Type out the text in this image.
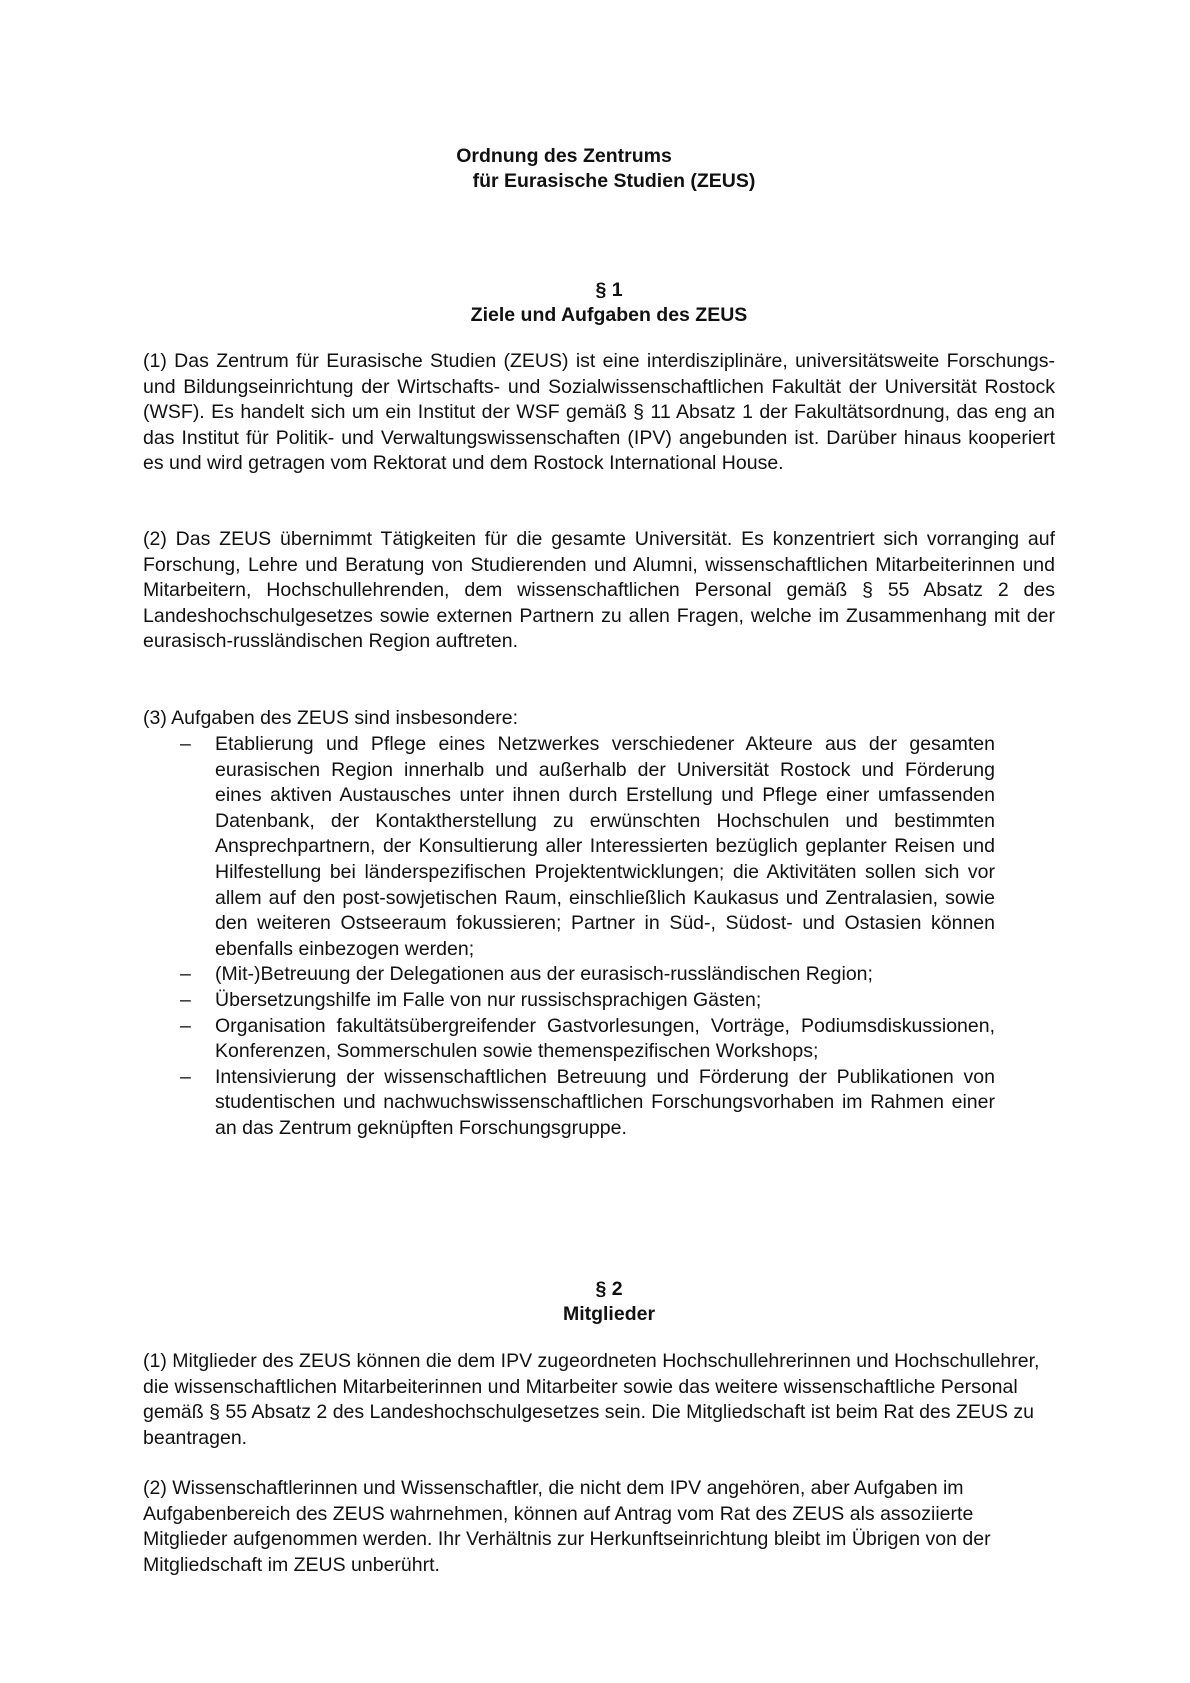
Ordnung des Zentrums
für Eurasische Studien (ZEUS)
§ 1
Ziele und Aufgaben des ZEUS

(1) Das Zentrum für Eurasische Studien (ZEUS) ist eine interdisziplinäre, universitätsweite Forschungs- und Bildungseinrichtung der Wirtschafts- und Sozialwissenschaftlichen Fakultät der Universität Rostock (WSF). Es handelt sich um ein Institut der WSF gemäß § 11 Absatz 1 der Fakultätsordnung, das eng an das Institut für Politik- und Verwaltungswissenschaften (IPV) angebunden ist. Darüber hinaus kooperiert es und wird getragen vom Rektorat und dem Rostock International House.

(2) Das ZEUS übernimmt Tätigkeiten für die gesamte Universität. Es konzentriert sich vorranging auf Forschung, Lehre und Beratung von Studierenden und Alumni, wissenschaftlichen Mitarbeiterinnen und Mitarbeitern, Hochschullehrenden, dem wissenschaftlichen Personal gemäß § 55 Absatz 2 des Landeshochschulgesetzes sowie externen Partnern zu allen Fragen, welche im Zusammenhang mit der eurasisch-russländischen Region auftreten.

(3) Aufgaben des ZEUS sind insbesondere:
– Etablierung und Pflege eines Netzwerkes verschiedener Akteure aus der gesamten eurasischen Region innerhalb und außerhalb der Universität Rostock und Förderung eines aktiven Austausches unter ihnen durch Erstellung und Pflege einer umfassenden Datenbank, der Kontaktherstellung zu erwünschten Hochschulen und bestimmten Ansprechpartnern, der Konsultierung aller Interessierten bezüglich geplanter Reisen und Hilfestellung bei länderspezifischen Projektentwicklungen; die Aktivitäten sollen sich vor allem auf den post-sowjetischen Raum, einschließlich Kaukasus und Zentralasien, sowie den weiteren Ostseeraum fokussieren; Partner in Süd-, Südost- und Ostasien können ebenfalls einbezogen werden;
– (Mit-)Betreuung der Delegationen aus der eurasisch-russländischen Region;
– Übersetzungshilfe im Falle von nur russischsprachigen Gästen;
– Organisation fakultätsübergreifender Gastvorlesungen, Vorträge, Podiumsdiskussionen, Konferenzen, Sommerschulen sowie themenspezifischen Workshops;
– Intensivierung der wissenschaftlichen Betreuung und Förderung der Publikationen von studentischen und nachwuchswissenschaftlichen Forschungsvorhaben im Rahmen einer an das Zentrum geknüpften Forschungsgruppe.
§ 2
Mitglieder

(1) Mitglieder des ZEUS können die dem IPV zugeordneten Hochschullehrerinnen und Hochschullehrer, die wissenschaftlichen Mitarbeiterinnen und Mitarbeiter sowie das weitere wissenschaftliche Personal gemäß § 55 Absatz 2 des Landeshochschulgesetzes sein. Die Mitgliedschaft ist beim Rat des ZEUS zu beantragen.

(2) Wissenschaftlerinnen und Wissenschaftler, die nicht dem IPV angehören, aber Aufgaben im Aufgabenbereich des ZEUS wahrnehmen, können auf Antrag vom Rat des ZEUS als assoziierte Mitglieder aufgenommen werden. Ihr Verhältnis zur Herkunftseinrichtung bleibt im Übrigen von der Mitgliedschaft im ZEUS unberührt.
